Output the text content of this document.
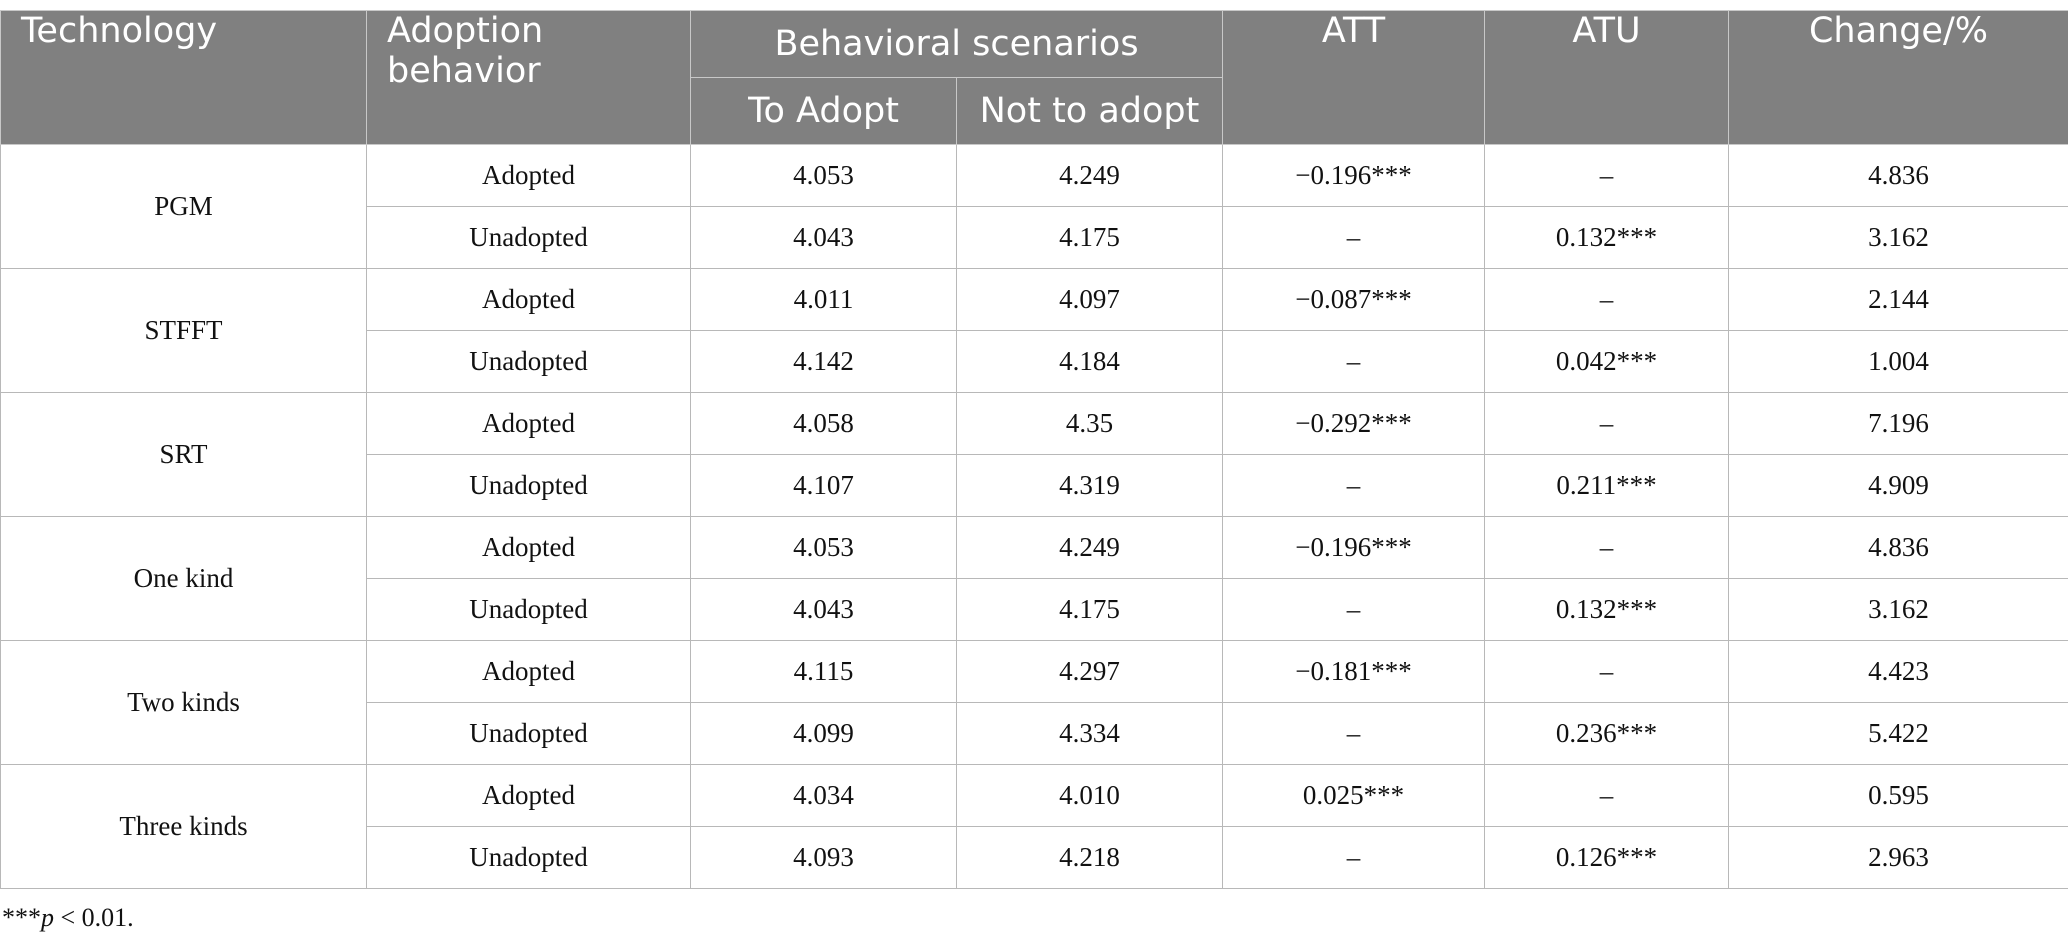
Technology	Adoption behavior	Behavioral scenarios		ATT	ATU	Change/%
		To Adopt	Not to adopt			
PGM	Adopted	4.053	4.249	−0.196***	–	4.836
	Unadopted	4.043	4.175	–	0.132***	3.162
STFFT	Adopted	4.011	4.097	−0.087***	–	2.144
	Unadopted	4.142	4.184	–	0.042***	1.004
SRT	Adopted	4.058	4.35	−0.292***	–	7.196
	Unadopted	4.107	4.319	–	0.211***	4.909
One kind	Adopted	4.053	4.249	−0.196***	–	4.836
	Unadopted	4.043	4.175	–	0.132***	3.162
Two kinds	Adopted	4.115	4.297	−0.181***	–	4.423
	Unadopted	4.099	4.334	–	0.236***	5.422
Three kinds	Adopted	4.034	4.010	0.025***	–	0.595
	Unadopted	4.093	4.218	–	0.126***	2.963
***p < 0.01.
